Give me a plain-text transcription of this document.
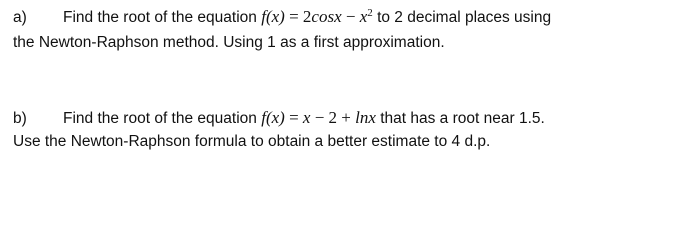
a) Find the root of the equation $f(x) = 2\cos x - x^2$ to 2 decimal places using
the Newton-Raphson method. Using 1 as a first approximation.
b) Find the root of the equation f(x) = x − 2 + lnx that has a root near 1.5.
Use the Newton-Raphson formula to obtain a better estimate to 4 d.p.
